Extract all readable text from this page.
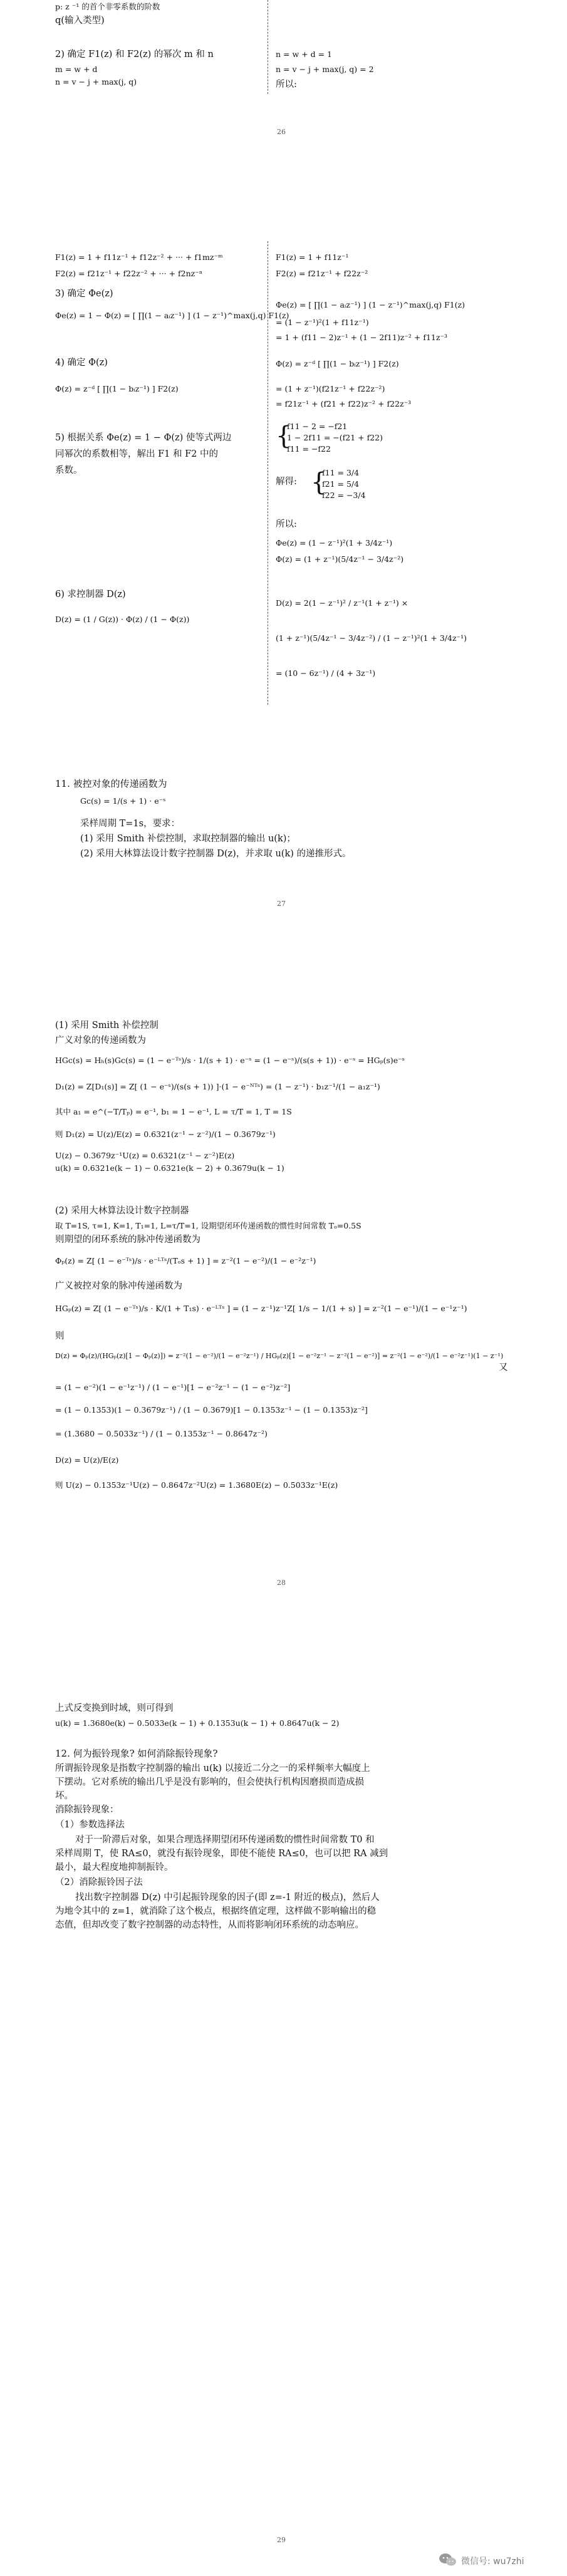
p: z ⁻¹ 的首个非零系数的阶数
q(输入类型)
2) 确定 F1(z) 和 F2(z) 的幂次 m 和 n
m = w + d
n = v − j + max(j, q)
n = w + d = 1
n = v − j + max(j, q) = 2
所以:
26
F1(z) = 1 + f11z⁻¹ + f12z⁻² + ··· + f1mz⁻ᵐ
F2(z) = f21z⁻¹ + f22z⁻² + ··· + f2nz⁻ⁿ
3) 确定 Φe(z)
Φe(z) = 1 − Φ(z) = [ ∏(1 − aᵢz⁻¹) ] (1 − z⁻¹)^max(j,q) F1(z)
4) 确定 Φ(z)
Φ(z) = z⁻ᵈ [ ∏(1 − bᵢz⁻¹) ] F2(z)
5) 根据关系 Φe(z) = 1 − Φ(z) 使等式两边
同幂次的系数相等，解出 F1 和 F2 中的
系数。
6) 求控制器 D(z)
D(z) = (1 / G(z)) · Φ(z) / (1 − Φ(z))
F1(z) = 1 + f11z⁻¹
F2(z) = f21z⁻¹ + f22z⁻²
Φe(z) = [ ∏(1 − aᵢz⁻¹) ] (1 − z⁻¹)^max(j,q) F1(z)
= (1 − z⁻¹)²(1 + f11z⁻¹)
= 1 + (f11 − 2)z⁻¹ + (1 − 2f11)z⁻² + f11z⁻³
Φ(z) = z⁻ᵈ [ ∏(1 − bᵢz⁻¹) ] F2(z)
= (1 + z⁻¹)(f21z⁻¹ + f22z⁻²)
= f21z⁻¹ + (f21 + f22)z⁻² + f22z⁻³
{
f11 − 2 = −f21
1 − 2f11 = −(f21 + f22)
f11 = −f22
解得: {
f11 = 3/4
f21 = 5/4
f22 = −3/4
所以:
Φe(z) = (1 − z⁻¹)²(1 + 3/4z⁻¹)
Φ(z) = (1 + z⁻¹)(5/4z⁻¹ − 3/4z⁻²)
D(z) = 2(1 − z⁻¹)² / z⁻¹(1 + z⁻¹) ×
(1 + z⁻¹)(5/4z⁻¹ − 3/4z⁻²) / (1 − z⁻¹)²(1 + 3/4z⁻¹)
= (10 − 6z⁻¹) / (4 + 3z⁻¹)
11. 被控对象的传递函数为
Gc(s) = 1/(s + 1) · e⁻ˢ
采样周期 T=1s，要求：
(1) 采用 Smith 补偿控制，求取控制器的输出 u(k)；
(2) 采用大林算法设计数字控制器 D(z)，并求取 u(k) 的递推形式。
27
(1) 采用 Smith 补偿控制
广义对象的传递函数为
HGc(s) = Hₕ(s)Gc(s) = (1 − e⁻ᵀˢ)/s · 1/(s + 1) · e⁻ˢ = (1 − e⁻ˢ)/(s(s + 1)) · e⁻ˢ = HGₚ(s)e⁻ˢ
D₁(z) = Z[D₁(s)] = Z[ (1 − e⁻ˢ)/(s(s + 1)) ]·(1 − e⁻ᴺᵀˢ) = (1 − z⁻¹) · b₁z⁻¹/(1 − a₁z⁻¹)
其中 a₁ = e^(−T/Tₚ) = e⁻¹, b₁ = 1 − e⁻¹, L = τ/T = 1, T = 1S
则 D₁(z) = U(z)/E(z) = 0.6321(z⁻¹ − z⁻²)/(1 − 0.3679z⁻¹)
U(z) − 0.3679z⁻¹U(z) = 0.6321(z⁻¹ − z⁻²)E(z)
u(k) = 0.6321e(k − 1) − 0.6321e(k − 2) + 0.3679u(k − 1)
(2) 采用大林算法设计数字控制器
取 T=1S, τ=1, K=1, T₁=1, L=τ/T=1, 设期望闭环传递函数的惯性时间常数 Tₒ=0.5S
则期望的闭环系统的脉冲传递函数为
Φₚ(z) = Z[ (1 − e⁻ᵀˢ)/s · e⁻ᴸᵀˢ/(Tₒs + 1) ] = z⁻²(1 − e⁻²)/(1 − e⁻²z⁻¹)
广义被控对象的脉冲传递函数为
HGₚ(z) = Z[ (1 − e⁻ᵀˢ)/s · K/(1 + T₁s) · e⁻ᴸᵀˢ ] = (1 − z⁻¹)z⁻¹Z[ 1/s − 1/(1 + s) ] = z⁻²(1 − e⁻¹)/(1 − e⁻¹z⁻¹)
则
D(z) = Φₚ(z)/(HGₚ(z)[1 − Φₚ(z)]) = z⁻²(1 − e⁻²)/(1 − e⁻²z⁻¹) / HGₚ(z)[1 − e⁻²z⁻¹ − z⁻²(1 − e⁻²)] = z⁻²(1 − e⁻²)/(1 − e⁻²z⁻¹)(1 − z⁻¹)
又
= (1 − e⁻²)(1 − e⁻¹z⁻¹) / (1 − e⁻¹)[1 − e⁻²z⁻¹ − (1 − e⁻²)z⁻²]
= (1 − 0.1353)(1 − 0.3679z⁻¹) / (1 − 0.3679)[1 − 0.1353z⁻¹ − (1 − 0.1353)z⁻²]
= (1.3680 − 0.5033z⁻¹) / (1 − 0.1353z⁻¹ − 0.8647z⁻²)
D(z) = U(z)/E(z)
则 U(z) − 0.1353z⁻¹U(z) − 0.8647z⁻²U(z) = 1.3680E(z) − 0.5033z⁻¹E(z)
28
上式反变换到时域，则可得到
u(k) = 1.3680e(k) − 0.5033e(k − 1) + 0.1353u(k − 1) + 0.8647u(k − 2)
12. 何为振铃现象? 如何消除振铃现象?
所谓振铃现象是指数字控制器的输出 u(k) 以接近二分之一的采样频率大幅度上
下摆动。它对系统的输出几乎是没有影响的，但会使执行机构因磨损而造成损
坏。
消除振铃现象：
（1）参数选择法
对于一阶滞后对象，如果合理选择期望闭环传递函数的惯性时间常数 T0 和
采样周期 T，使 RA≤0，就没有振铃现象，即使不能使 RA≤0，也可以把 RA 减到
最小，最大程度地抑制振铃。
（2）消除振铃因子法
找出数字控制器 D(z) 中引起振铃现象的因子(即 z=-1 附近的极点)，然后人
为地令其中的 z=1，就消除了这个极点，根据终值定理，这样做不影响输出的稳
态值，但却改变了数字控制器的动态特性，从而将影响闭环系统的动态响应。
29
微信号: wu7zhi
